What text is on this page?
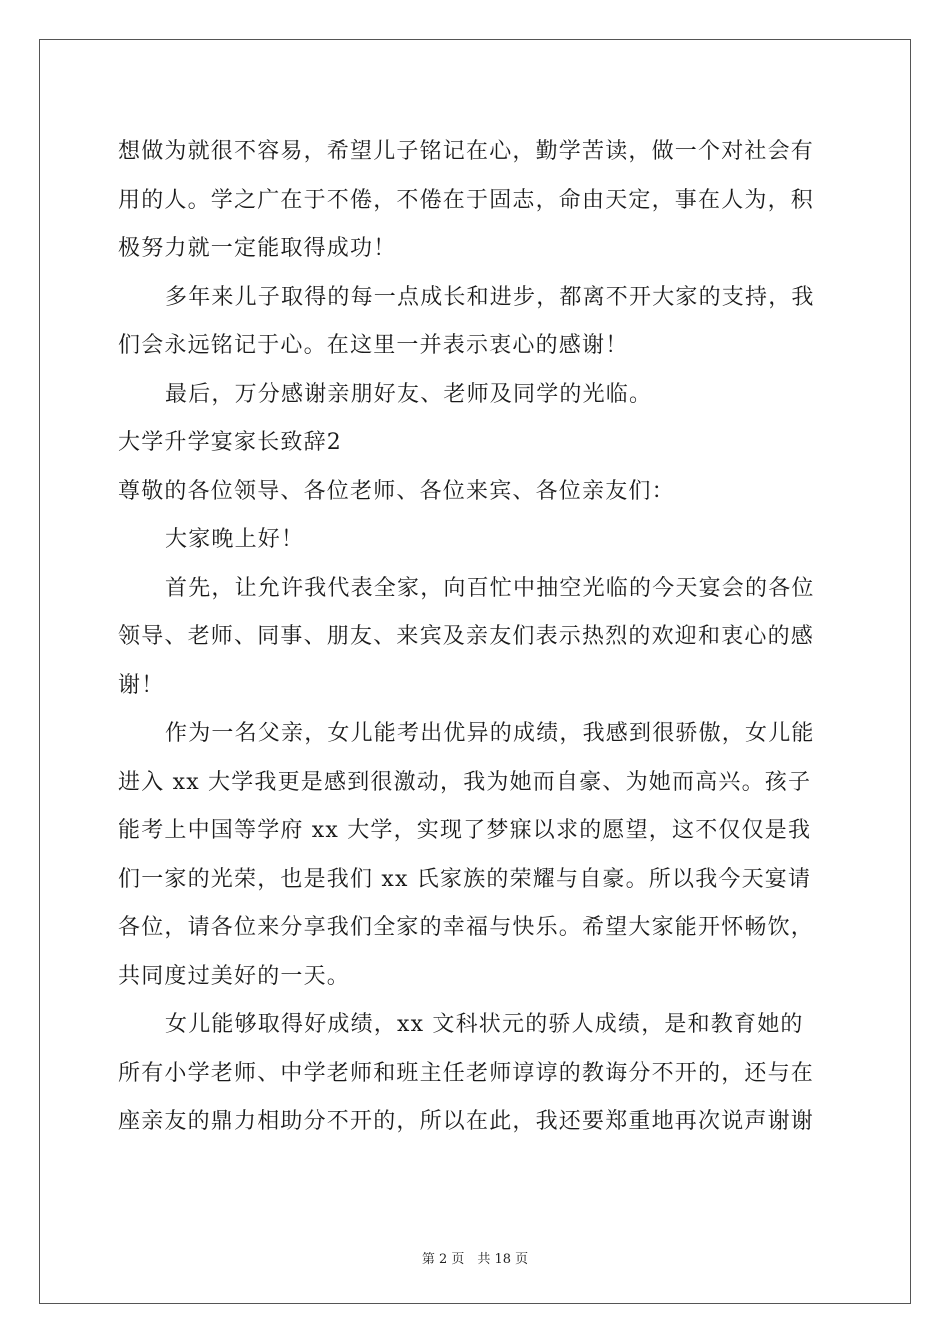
想做为就很不容易，希望儿子铭记在心，勤学苦读，做一个对社会有
用的人。学之广在于不倦，不倦在于固志，命由天定，事在人为，积
极努力就一定能取得成功！
多年来儿子取得的每一点成长和进步，都离不开大家的支持，我
们会永远铭记于心。在这里一并表示衷心的感谢！
最后，万分感谢亲朋好友、老师及同学的光临。
大学升学宴家长致辞2
尊敬的各位领导、各位老师、各位来宾、各位亲友们：
大家晚上好！
首先，让允许我代表全家，向百忙中抽空光临的今天宴会的各位
领导、老师、同事、朋友、来宾及亲友们表示热烈的欢迎和衷心的感
谢！
作为一名父亲，女儿能考出优异的成绩，我感到很骄傲，女儿能
进入 xx 大学我更是感到很激动，我为她而自豪、为她而高兴。孩子
能考上中国等学府 xx 大学，实现了梦寐以求的愿望，这不仅仅是我
们一家的光荣，也是我们 xx 氏家族的荣耀与自豪。所以我今天宴请
各位，请各位来分享我们全家的幸福与快乐。希望大家能开怀畅饮，
共同度过美好的一天。
女儿能够取得好成绩，xx 文科状元的骄人成绩，是和教育她的
所有小学老师、中学老师和班主任老师谆谆的教诲分不开的，还与在
座亲友的鼎力相助分不开的，所以在此，我还要郑重地再次说声谢谢
第 2 页　共 18 页
